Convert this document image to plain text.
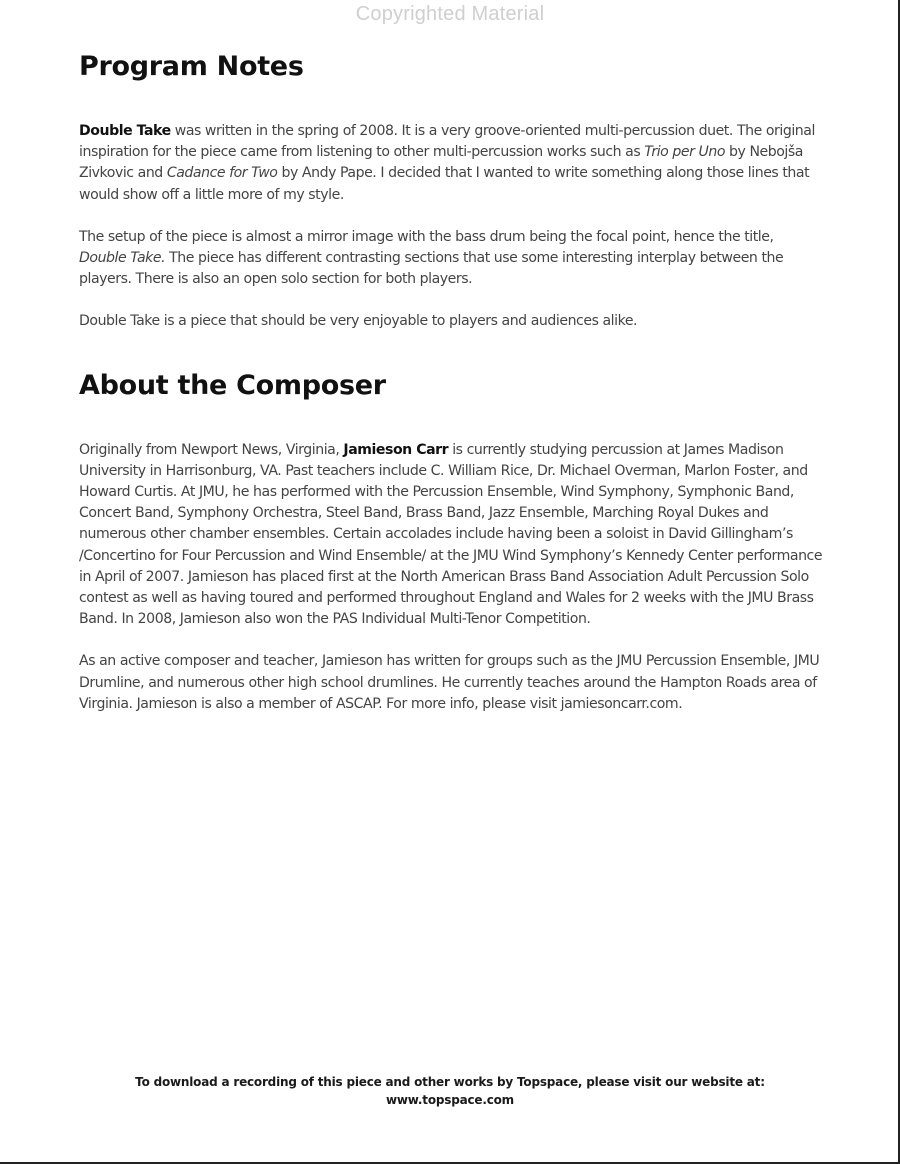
Copyrighted Material
Program Notes

Double Take was written in the spring of 2008. It is a very groove-oriented multi-percussion duet. The original inspiration for the piece came from listening to other multi-percussion works such as Trio per Uno by Nebojša Zivkovic and Cadance for Two by Andy Pape. I decided that I wanted to write something along those lines that would show off a little more of my style.

The setup of the piece is almost a mirror image with the bass drum being the focal point, hence the title, Double Take. The piece has different contrasting sections that use some interesting interplay between the players. There is also an open solo section for both players.

Double Take is a piece that should be very enjoyable to players and audiences alike.

About the Composer

Originally from Newport News, Virginia, Jamieson Carr is currently studying percussion at James Madison University in Harrisonburg, VA. Past teachers include C. William Rice, Dr. Michael Overman, Marlon Foster, and Howard Curtis. At JMU, he has performed with the Percussion Ensemble, Wind Symphony, Symphonic Band, Concert Band, Symphony Orchestra, Steel Band, Brass Band, Jazz Ensemble, Marching Royal Dukes and numerous other chamber ensembles. Certain accolades include having been a soloist in David Gillingham’s /Concertino for Four Percussion and Wind Ensemble/ at the JMU Wind Symphony’s Kennedy Center performance in April of 2007. Jamieson has placed first at the North American Brass Band Association Adult Percussion Solo contest as well as having toured and performed throughout England and Wales for 2 weeks with the JMU Brass Band. In 2008, Jamieson also won the PAS Individual Multi-Tenor Competition.

As an active composer and teacher, Jamieson has written for groups such as the JMU Percussion Ensemble, JMU Drumline, and numerous other high school drumlines. He currently teaches around the Hampton Roads area of Virginia. Jamieson is also a member of ASCAP. For more info, please visit jamiesoncarr.com.

To download a recording of this piece and other works by Topspace, please visit our website at:
www.topspace.com
